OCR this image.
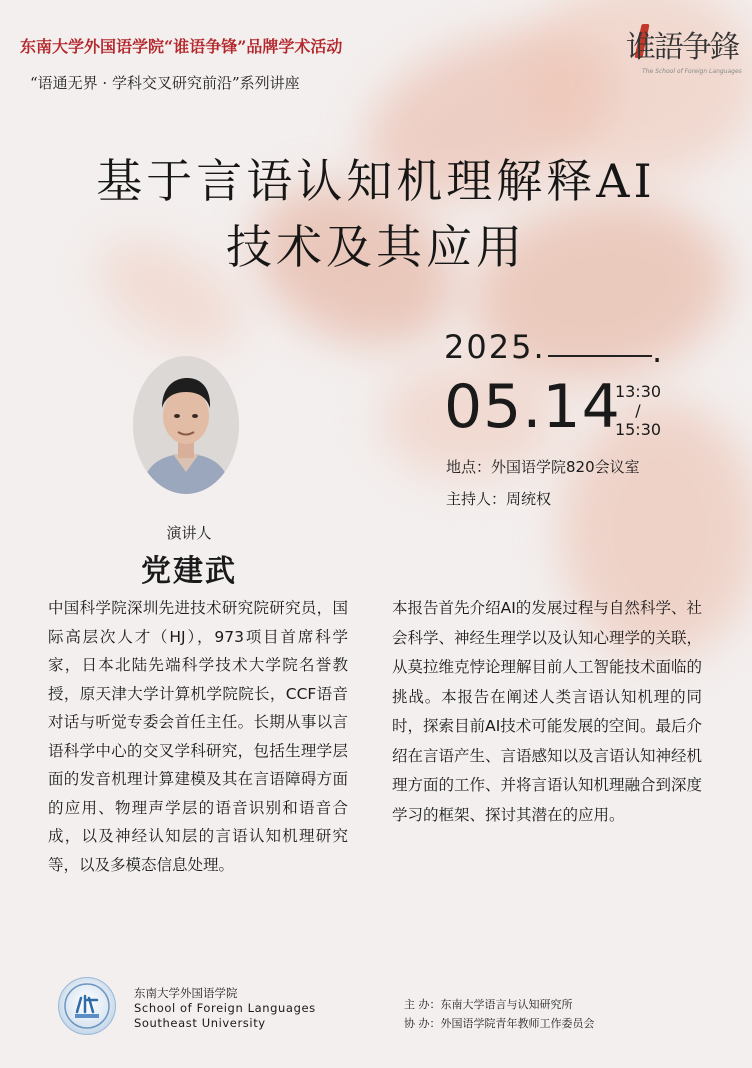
东南大学外国语学院“谁语争锋”品牌学术活动
“语通无界 · 学科交叉研究前沿”系列讲座
谁語争鋒
The School of Foreign Languages
基于言语认知机理解释AI
技术及其应用
2025.	.
05.14
13:30
/
15:30
地点：外国语学院820会议室
主持人：周统权
演讲人
党建武
中国科学院深圳先进技术研究院研究员，国际高层次人才（HJ），973项目首席科学家，日本北陆先端科学技术大学院名誉教授，原天津大学计算机学院院长，CCF语音对话与听觉专委会首任主任。长期从事以言语科学中心的交叉学科研究，包括生理学层面的发音机理计算建模及其在言语障碍方面的应用、物理声学层的语音识别和语音合成，以及神经认知层的言语认知机理研究等，以及多模态信息处理。
本报告首先介绍AI的发展过程与自然科学、社会科学、神经生理学以及认知心理学的关联，从莫拉维克悖论理解目前人工智能技术面临的挑战。本报告在阐述人类言语认知机理的同时，探索目前AI技术可能发展的空间。最后介绍在言语产生、言语感知以及言语认知神经机理方面的工作、并将言语认知机理融合到深度学习的框架、探讨其潜在的应用。
东南大学外国语学院
School of Foreign Languages
Southeast University
主 办：东南大学语言与认知研究所
协 办：外国语学院青年教师工作委员会
